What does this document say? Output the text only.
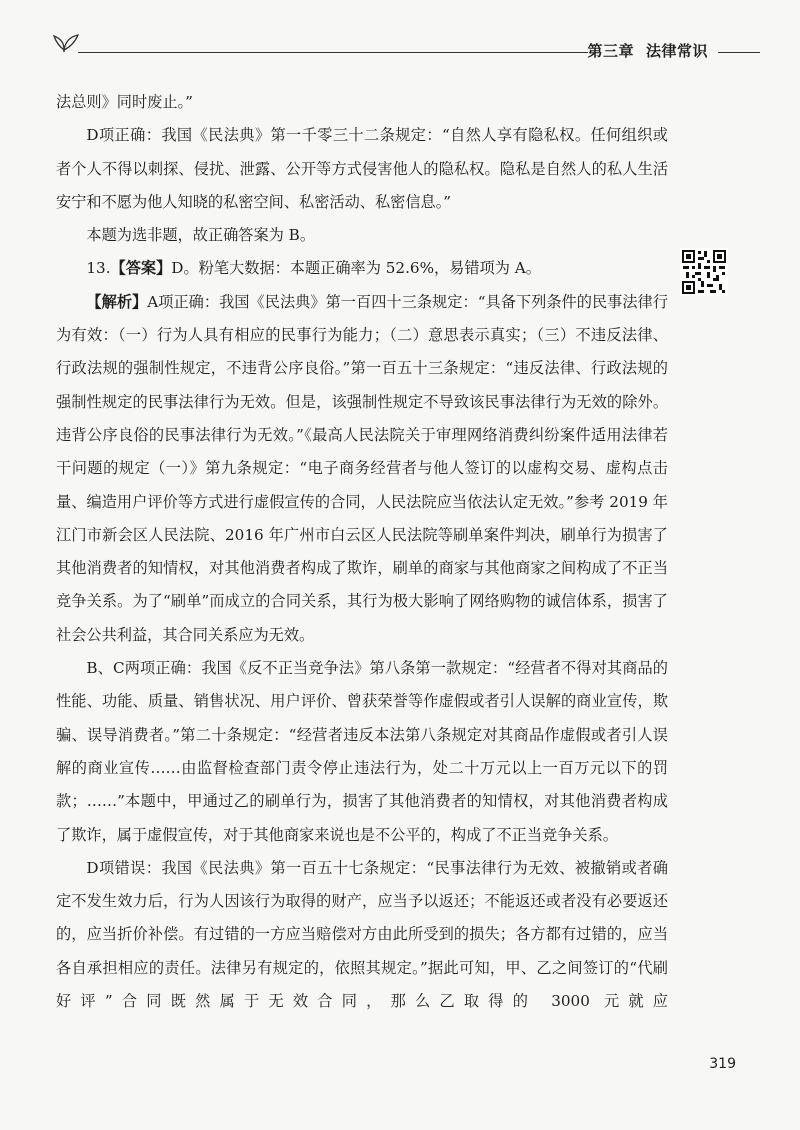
第三章 法律常识

法总则》同时废止。”

D项正确：我国《民法典》第一千零三十二条规定：“自然人享有隐私权。任何组织或者个人不得以刺探、侵扰、泄露、公开等方式侵害他人的隐私权。隐私是自然人的私人生活安宁和不愿为他人知晓的私密空间、私密活动、私密信息。”

本题为选非题，故正确答案为 B。

13.【答案】D。粉笔大数据：本题正确率为 52.6%，易错项为 A。

【解析】A项正确：我国《民法典》第一百四十三条规定：“具备下列条件的民事法律行为有效：（一）行为人具有相应的民事行为能力；（二）意思表示真实；（三）不违反法律、行政法规的强制性规定，不违背公序良俗。”第一百五十三条规定：“违反法律、行政法规的强制性规定的民事法律行为无效。但是，该强制性规定不导致该民事法律行为无效的除外。违背公序良俗的民事法律行为无效。”《最高人民法院关于审理网络消费纠纷案件适用法律若干问题的规定（一）》第九条规定：“电子商务经营者与他人签订的以虚构交易、虚构点击量、编造用户评价等方式进行虚假宣传的合同，人民法院应当依法认定无效。”参考 2019 年江门市新会区人民法院、2016 年广州市白云区人民法院等刷单案件判决，刷单行为损害了其他消费者的知情权，对其他消费者构成了欺诈，刷单的商家与其他商家之间构成了不正当竞争关系。为了“刷单”而成立的合同关系，其行为极大影响了网络购物的诚信体系，损害了社会公共利益，其合同关系应为无效。

B、C两项正确：我国《反不正当竞争法》第八条第一款规定：“经营者不得对其商品的性能、功能、质量、销售状况、用户评价、曾获荣誉等作虚假或者引人误解的商业宣传，欺骗、误导消费者。”第二十条规定：“经营者违反本法第八条规定对其商品作虚假或者引人误解的商业宣传……由监督检查部门责令停止违法行为，处二十万元以上一百万元以下的罚款；……”本题中，甲通过乙的刷单行为，损害了其他消费者的知情权，对其他消费者构成了欺诈，属于虚假宣传，对于其他商家来说也是不公平的，构成了不正当竞争关系。

D项错误：我国《民法典》第一百五十七条规定：“民事法律行为无效、被撤销或者确定不发生效力后，行为人因该行为取得的财产，应当予以返还；不能返还或者没有必要返还的，应当折价补偿。有过错的一方应当赔偿对方由此所受到的损失；各方都有过错的，应当各自承担相应的责任。法律另有规定的，依照其规定。”据此可知，甲、乙之间签订的“代刷好评”合同既然属于无效合同，那么乙取得的 3000 元就应

319
